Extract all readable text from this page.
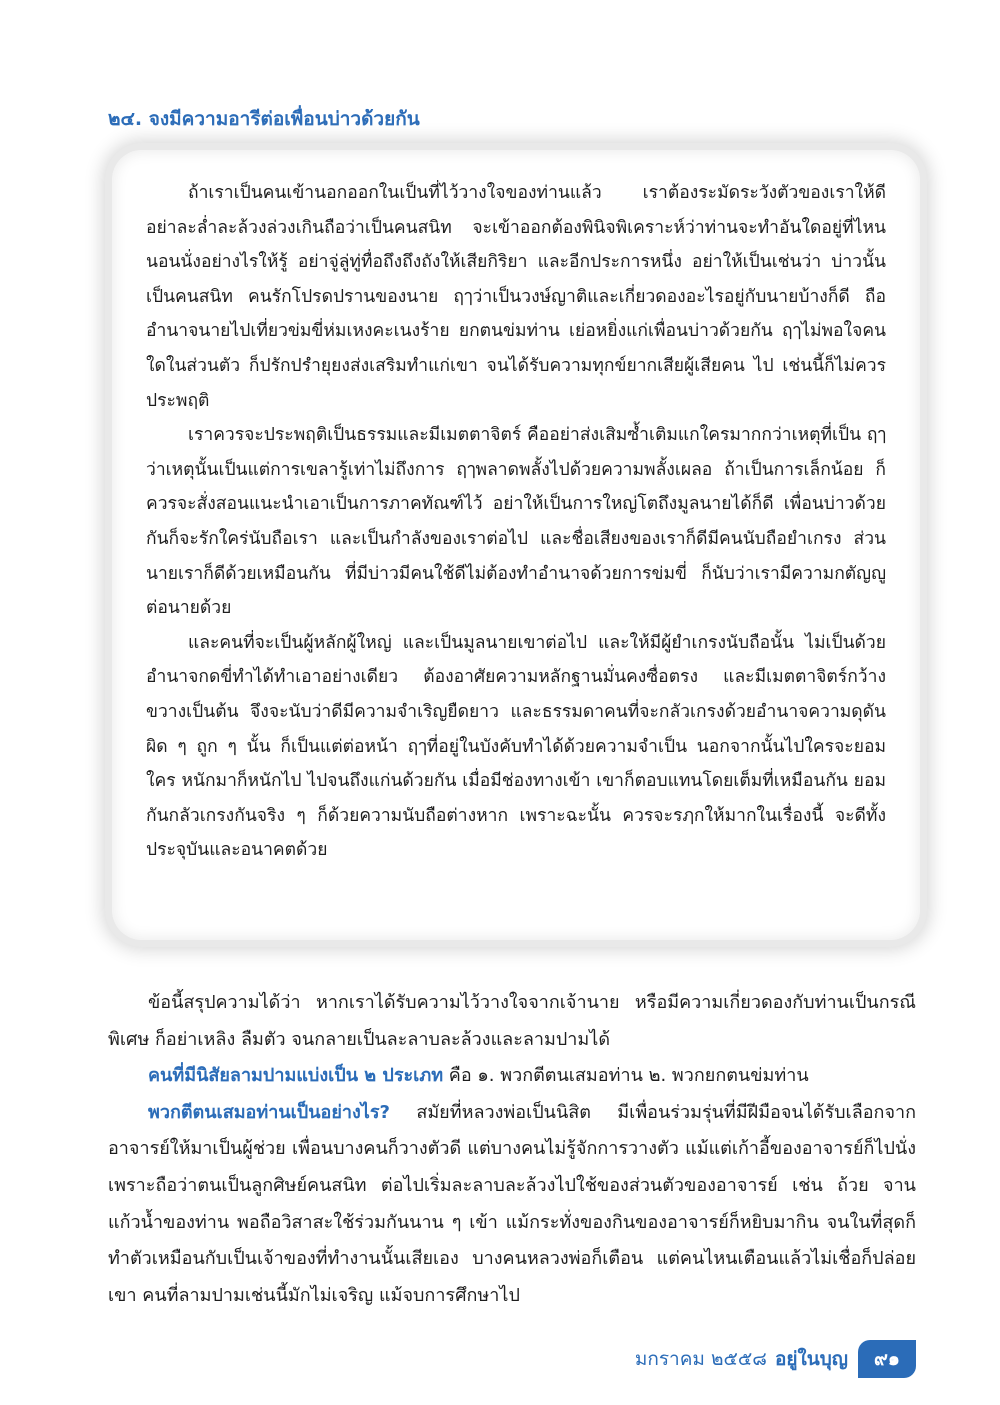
๒๔. จงมีความอารีต่อเพื่อนบ่าวด้วยกัน

ถ้าเราเป็นคนเข้านอกออกในเป็นที่ไว้วางใจของท่านแล้ว เราต้องระมัดระวังตัวของเราให้ดี อย่าละล่ำละล้วงล่วงเกินถือว่าเป็นคนสนิท จะเข้าออกต้องพินิจพิเคราะห์ว่าท่านจะทำอันใดอยู่ที่ไหน นอนนั่งอย่างไรให้รู้ อย่าจู่ลู่ทู่ทื่อถึงถึงถังให้เสียกิริยา และอีกประการหนึ่ง อย่าให้เป็นเช่นว่า บ่าวนั้นเป็นคนสนิท คนรักโปรดปรานของนาย ฤๅว่าเป็นวงษ์ญาติและเกี่ยวดองอะไรอยู่กับนายบ้างก็ดี ถืออำนาจนายไปเที่ยวข่มขี่ห่มเหงคะเนงร้าย ยกตนข่มท่าน เย่อหยิ่งแก่เพื่อนบ่าวด้วยกัน ฤๅไม่พอใจคนใดในส่วนตัว ก็ปรักปรำยุยงส่งเสริมทำแก่เขา จนได้รับความทุกข์ยากเสียผู้เสียคน ไป เช่นนี้ก็ไม่ควรประพฤติ

เราควรจะประพฤติเป็นธรรมและมีเมตตาจิตร์ คืออย่าส่งเสิมซ้ำเติมแกใครมากกว่าเหตุที่เป็น ฤๅว่าเหตุนั้นเป็นแต่การเขลารู้เท่าไม่ถึงการ ฤๅพลาดพลั้งไปด้วยความพลั้งเผลอ ถ้าเป็นการเล็กน้อย ก็ควรจะสั่งสอนแนะนำเอาเป็นการภาคทัณฑ์ไว้ อย่าให้เป็นการใหญ่โตถึงมูลนายได้ก็ดี เพื่อนบ่าวด้วยกันก็จะรักใคร่นับถือเรา และเป็นกำลังของเราต่อไป และชื่อเสียงของเราก็ดีมีคนนับถือยำเกรง ส่วนนายเราก็ดีด้วยเหมือนกัน ที่มีบ่าวมีคนใช้ดีไม่ต้องทำอำนาจด้วยการข่มขี่ ก็นับว่าเรามีความกตัญญูต่อนายด้วย

และคนที่จะเป็นผู้หลักผู้ใหญ่ และเป็นมูลนายเขาต่อไป และให้มีผู้ยำเกรงนับถือนั้น ไม่เป็นด้วยอำนาจกดขี่ทำได้ทำเอาอย่างเดียว ต้องอาศัยความหลักฐานมั่นคงซื่อตรง และมีเมตตาจิตร์กว้างขวางเป็นต้น จึงจะนับว่าดีมีความจำเริญยืดยาว และธรรมดาคนที่จะกลัวเกรงด้วยอำนาจความดุดันผิด ๆ ถูก ๆ นั้น ก็เป็นแต่ต่อหน้า ฤๅที่อยู่ในบังคับทำได้ด้วยความจำเป็น นอกจากนั้นไปใครจะยอมใคร หนักมาก็หนักไป ไปจนถึงแก่นด้วยกัน เมื่อมีช่องทางเข้า เขาก็ตอบแทนโดยเต็มที่เหมือนกัน ยอมกันกลัวเกรงกันจริง ๆ ก็ด้วยความนับถือต่างหาก เพราะฉะนั้น ควรจะรฦกให้มากในเรื่องนี้ จะดีทั้งประจุบันและอนาคตด้วย

ข้อนี้สรุปความได้ว่า หากเราได้รับความไว้วางใจจากเจ้านาย หรือมีความเกี่ยวดองกับท่านเป็นกรณีพิเศษ ก็อย่าเหลิง ลืมตัว จนกลายเป็นละลาบละล้วงและลามปามได้

คนที่มีนิสัยลามปามแบ่งเป็น ๒ ประเภท คือ ๑. พวกตีตนเสมอท่าน ๒. พวกยกตนข่มท่าน

พวกตีตนเสมอท่านเป็นอย่างไร? สมัยที่หลวงพ่อเป็นนิสิต มีเพื่อนร่วมรุ่นที่มีฝีมือจนได้รับเลือกจากอาจารย์ให้มาเป็นผู้ช่วย เพื่อนบางคนก็วางตัวดี แต่บางคนไม่รู้จักการวางตัว แม้แต่เก้าอี้ของอาจารย์ก็ไปนั่ง เพราะถือว่าตนเป็นลูกศิษย์คนสนิท ต่อไปเริ่มละลาบละล้วงไปใช้ของส่วนตัวของอาจารย์ เช่น ถ้วย จาน แก้วน้ำของท่าน พอถือวิสาสะใช้ร่วมกันนาน ๆ เข้า แม้กระทั่งของกินของอาจารย์ก็หยิบมากิน จนในที่สุดก็ทำตัวเหมือนกับเป็นเจ้าของที่ทำงานนั้นเสียเอง บางคนหลวงพ่อก็เตือน แต่คนไหนเตือนแล้วไม่เชื่อก็ปล่อยเขา คนที่ลามปามเช่นนี้มักไม่เจริญ แม้จบการศึกษาไป

มกราคม ๒๕๕๘ อยู่ในบุญ	๙๑
